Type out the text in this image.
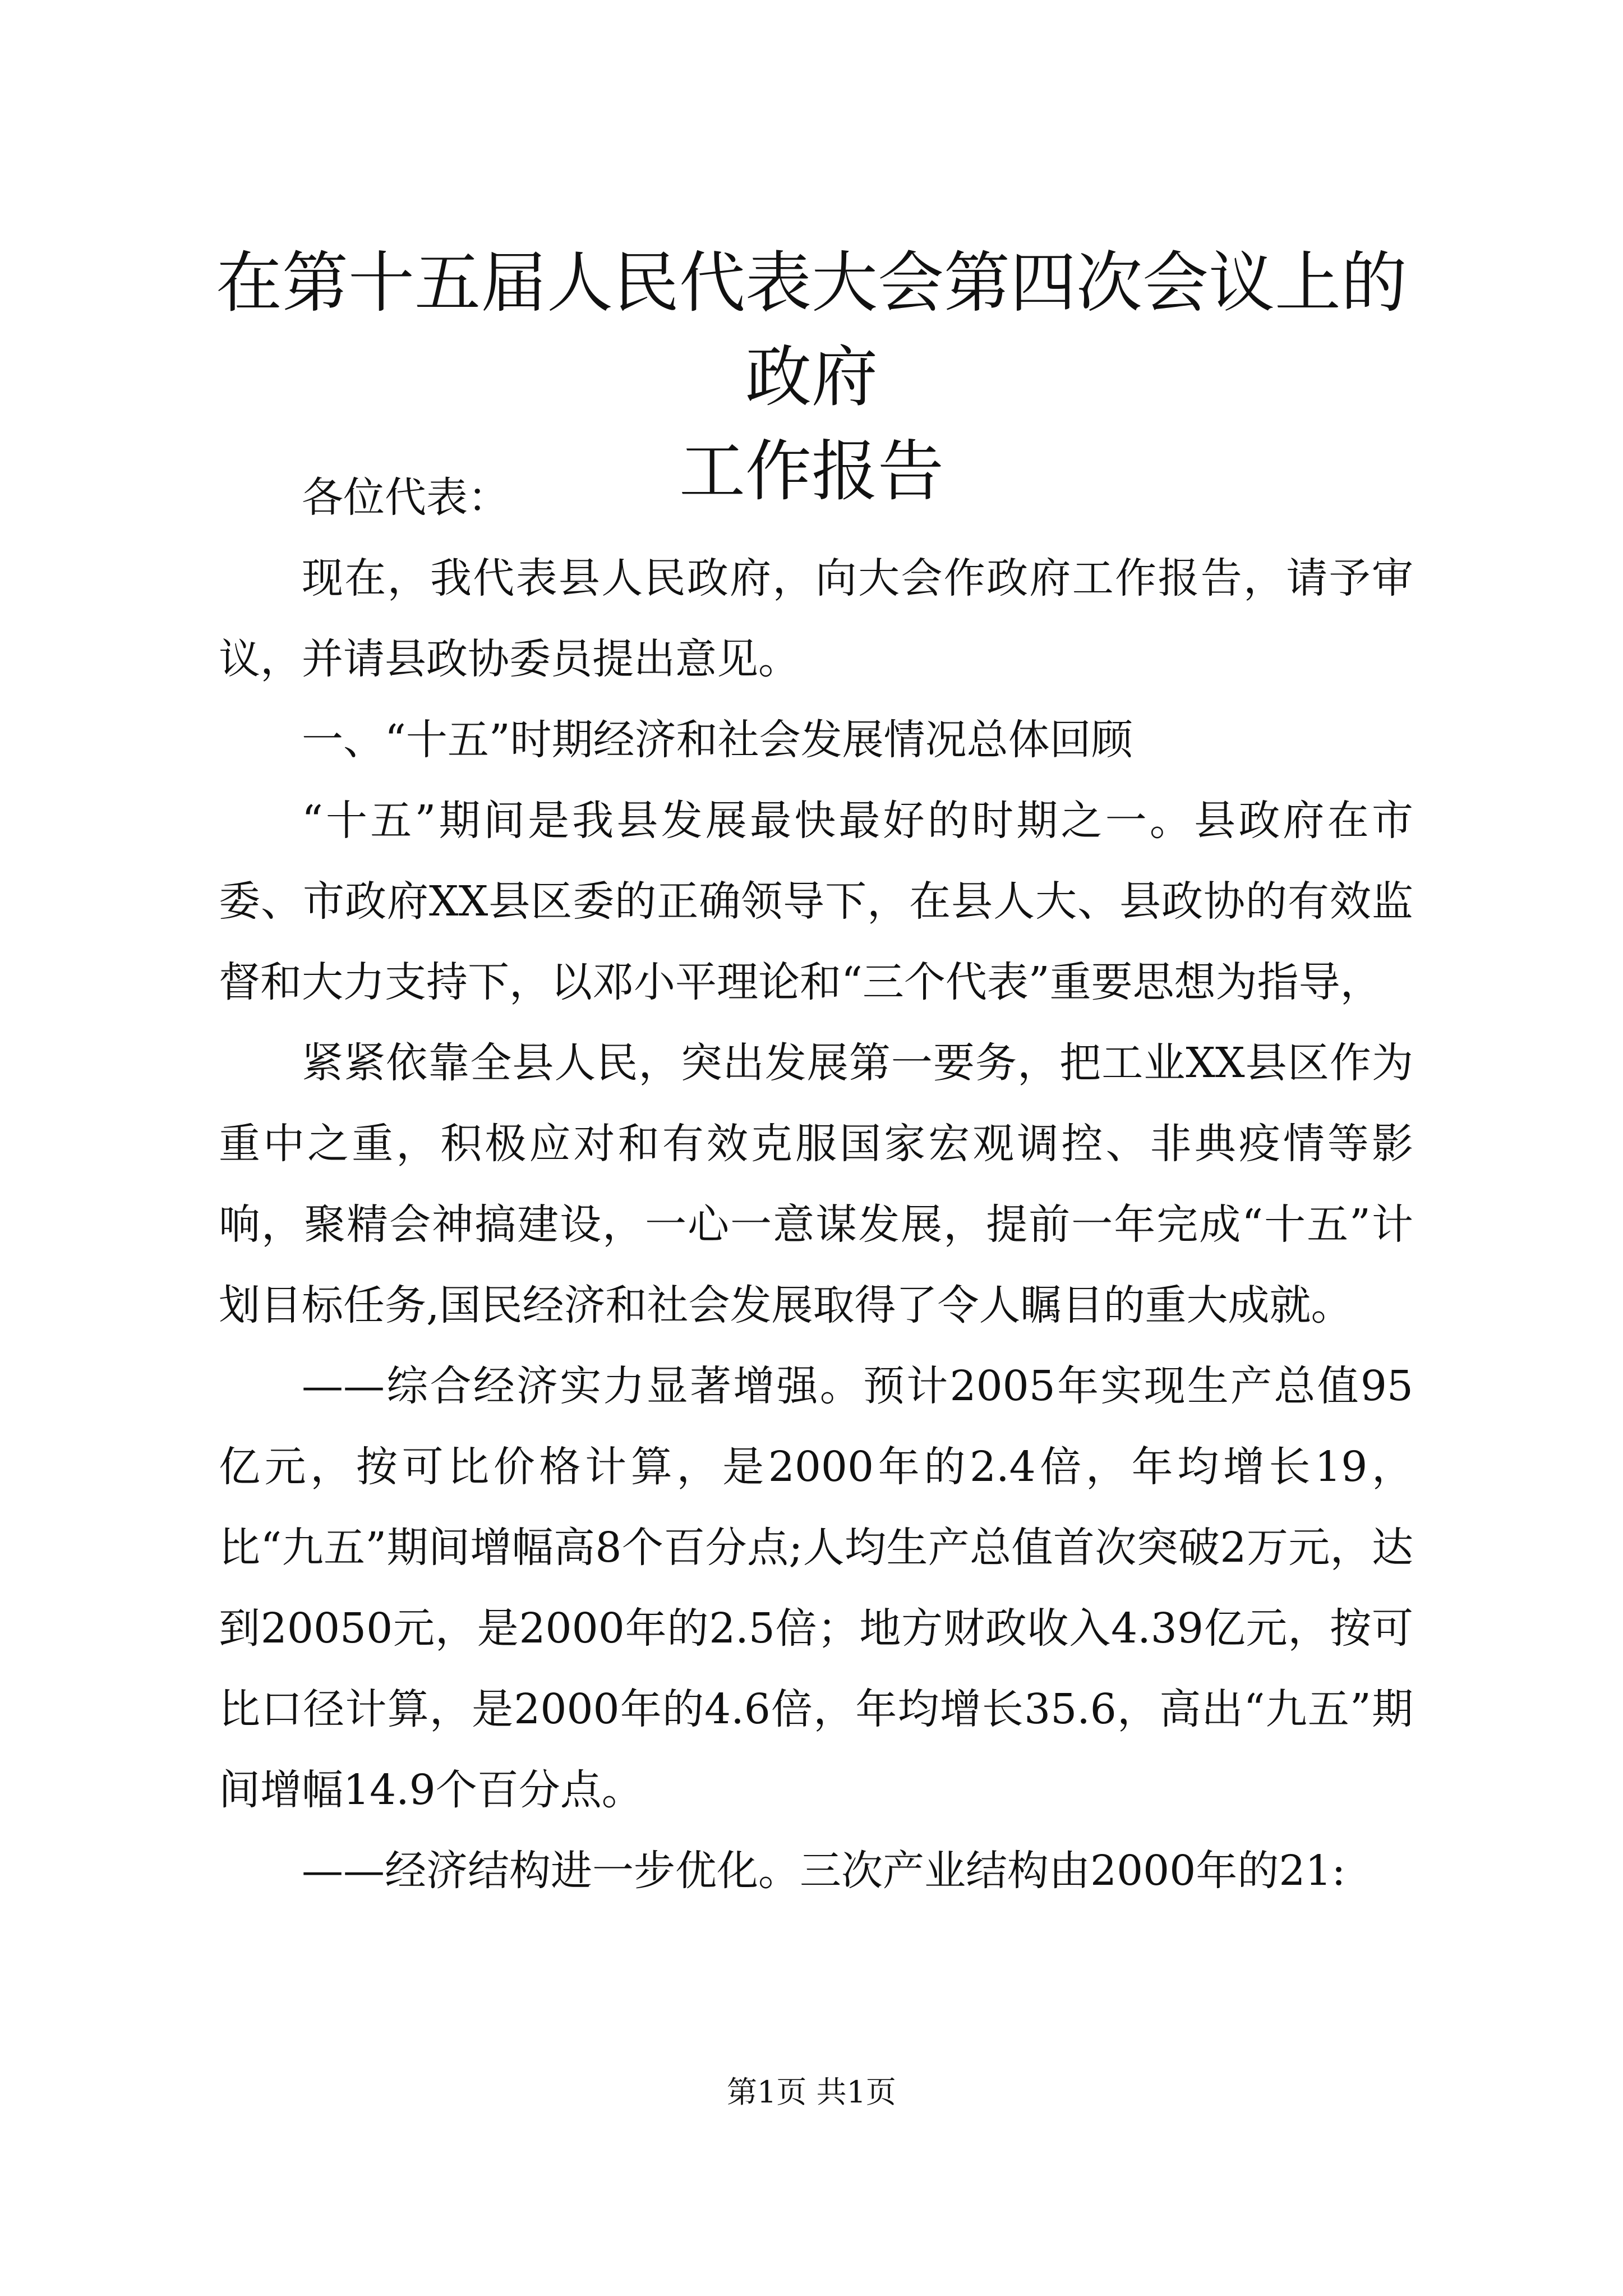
在第十五届人民代表大会第四次会议上的政府
工作报告

各位代表：

现在，我代表县人民政府，向大会作政府工作报告，请予审议，并请县政协委员提出意见。

一、“十五”时期经济和社会发展情况总体回顾

“十五”期间是我县发展最快最好的时期之一。县政府在市委、市政府XX县区委的正确领导下，在县人大、县政协的有效监督和大力支持下，以邓小平理论和“三个代表”重要思想为指导，

紧紧依靠全县人民，突出发展第一要务，把工业XX县区作为重中之重，积极应对和有效克服国家宏观调控、非典疫情等影响，聚精会神搞建设，一心一意谋发展，提前一年完成“十五”计划目标任务,国民经济和社会发展取得了令人瞩目的重大成就。

——综合经济实力显著增强。预计2005年实现生产总值95亿元，按可比价格计算，是2000年的2.4倍，年均增长19，比“九五”期间增幅高8个百分点;人均生产总值首次突破2万元，达到20050元，是2000年的2.5倍；地方财政收入4.39亿元，按可比口径计算，是2000年的4.6倍，年均增长35.6，高出“九五”期间增幅14.9个百分点。

——经济结构进一步优化。三次产业结构由2000年的21:

第1页 共1页
